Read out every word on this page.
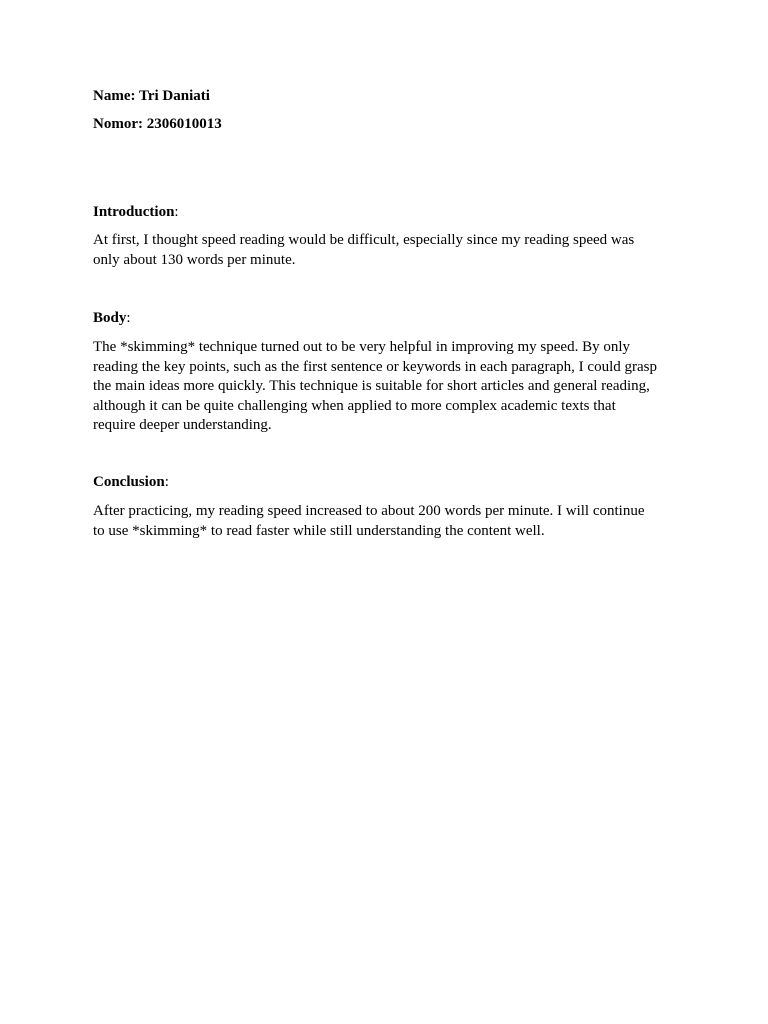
Name: Tri Daniati
Nomor: 2306010013
Introduction:

At first, I thought speed reading would be difficult, especially since my reading speed was

only about 130 words per minute.

Body:

The *skimming* technique turned out to be very helpful in improving my speed. By only

reading the key points, such as the first sentence or keywords in each paragraph, I could grasp

the main ideas more quickly. This technique is suitable for short articles and general reading,

although it can be quite challenging when applied to more complex academic texts that

require deeper understanding.

Conclusion:

After practicing, my reading speed increased to about 200 words per minute. I will continue

to use *skimming* to read faster while still understanding the content well.
